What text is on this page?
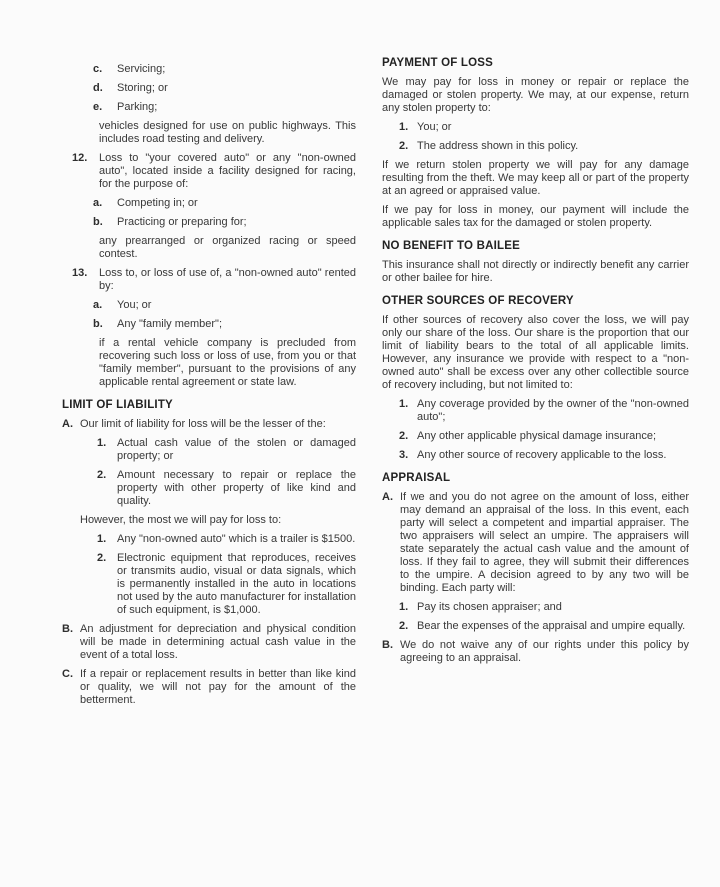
c.	Servicing;
d.	Storing; or
e.	Parking;
vehicles designed for use on public highways. This includes road testing and delivery.
12.	Loss to "your covered auto" or any "non-owned auto", located inside a facility designed for racing, for the purpose of:
a.	Competing in; or
b.	Practicing or preparing for;
any prearranged or organized racing or speed contest.
13.	Loss to, or loss of use of, a "non-owned auto" rented by:
a.	You; or
b.	Any "family member";
if a rental vehicle company is precluded from recovering such loss or loss of use, from you or that "family member", pursuant to the provisions of any applicable rental agreement or state law.
LIMIT OF LIABILITY
A. Our limit of liability for loss will be the lesser of the:
1. Actual cash value of the stolen or damaged property; or
2. Amount necessary to repair or replace the property with other property of like kind and quality.
However, the most we will pay for loss to:
1. Any "non-owned auto" which is a trailer is $1500.
2. Electronic equipment that reproduces, receives or transmits audio, visual or data signals, which is permanently installed in the auto in locations not used by the auto manufacturer for installation of such equipment, is $1,000.
B. An adjustment for depreciation and physical condition will be made in determining actual cash value in the event of a total loss.
C. If a repair or replacement results in better than like kind or quality, we will not pay for the amount of the betterment.
PAYMENT OF LOSS
We may pay for loss in money or repair or replace the damaged or stolen property. We may, at our expense, return any stolen property to:
1. You; or
2. The address shown in this policy.
If we return stolen property we will pay for any damage resulting from the theft. We may keep all or part of the property at an agreed or appraised value.
If we pay for loss in money, our payment will include the applicable sales tax for the damaged or stolen property.
NO BENEFIT TO BAILEE
This insurance shall not directly or indirectly benefit any carrier or other bailee for hire.
OTHER SOURCES OF RECOVERY
If other sources of recovery also cover the loss, we will pay only our share of the loss. Our share is the proportion that our limit of liability bears to the total of all applicable limits. However, any insurance we provide with respect to a "non-owned auto" shall be excess over any other collectible source of recovery including, but not limited to:
1. Any coverage provided by the owner of the "non-owned auto";
2. Any other applicable physical damage insurance;
3. Any other source of recovery applicable to the loss.
APPRAISAL
A. If we and you do not agree on the amount of loss, either may demand an appraisal of the loss. In this event, each party will select a competent and impartial appraiser. The two appraisers will select an umpire. The appraisers will state separately the actual cash value and the amount of loss. If they fail to agree, they will submit their differences to the umpire. A decision agreed to by any two will be binding. Each party will:
1. Pay its chosen appraiser; and
2. Bear the expenses of the appraisal and umpire equally.
B. We do not waive any of our rights under this policy by agreeing to an appraisal.
